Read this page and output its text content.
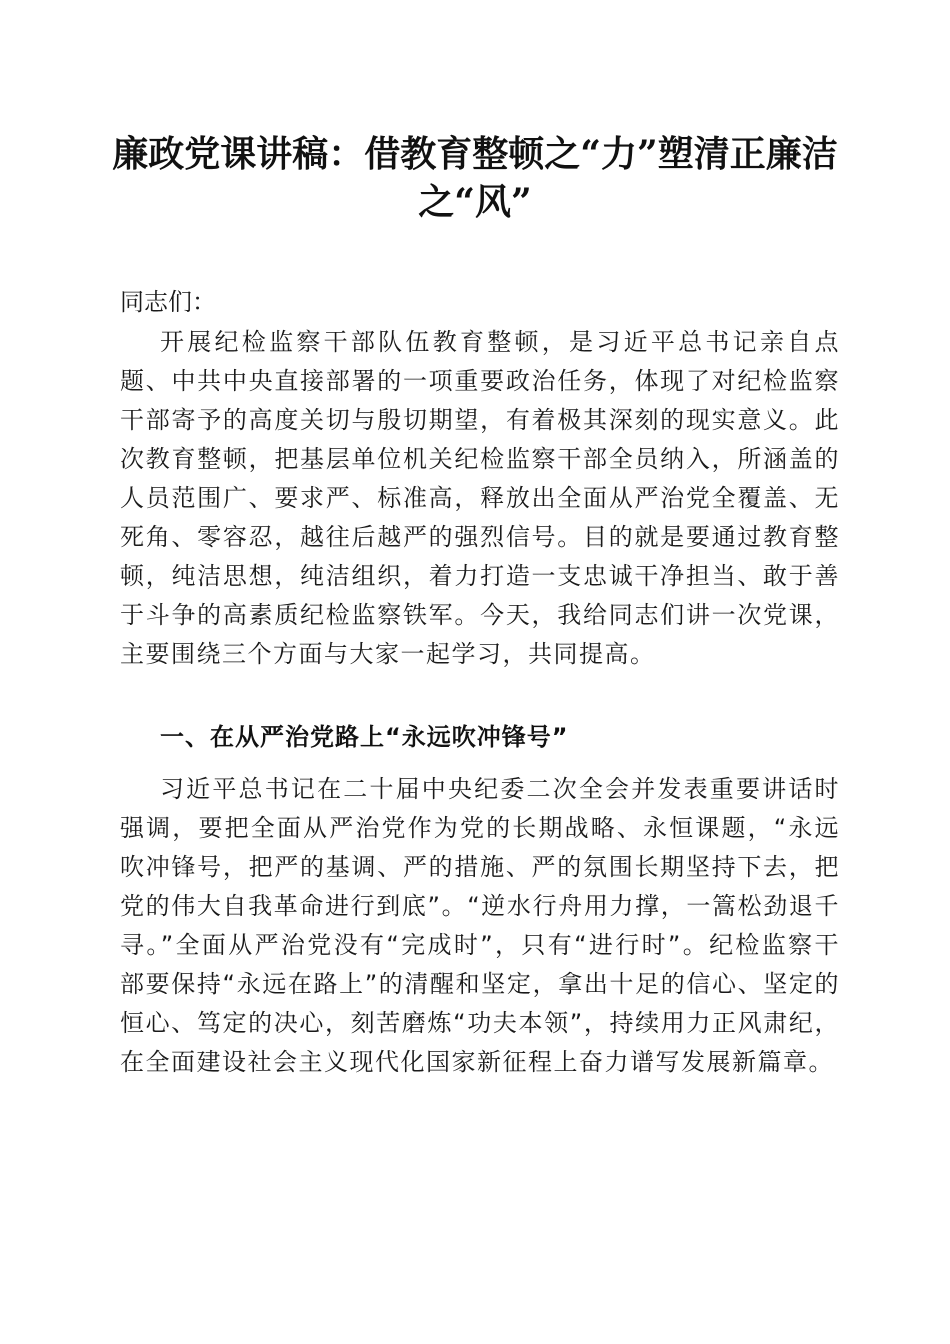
廉政党课讲稿：借教育整顿之“力”塑清正廉洁之“风”

同志们：

开展纪检监察干部队伍教育整顿，是习近平总书记亲自点题、中共中央直接部署的一项重要政治任务，体现了对纪检监察干部寄予的高度关切与殷切期望，有着极其深刻的现实意义。此次教育整顿，把基层单位机关纪检监察干部全员纳入，所涵盖的人员范围广、要求严、标准高，释放出全面从严治党全覆盖、无死角、零容忍，越往后越严的强烈信号。目的就是要通过教育整顿，纯洁思想，纯洁组织，着力打造一支忠诚干净担当、敢于善于斗争的高素质纪检监察铁军。今天，我给同志们讲一次党课，主要围绕三个方面与大家一起学习，共同提高。

一、在从严治党路上“永远吹冲锋号”

习近平总书记在二十届中央纪委二次全会并发表重要讲话时强调，要把全面从严治党作为党的长期战略、永恒课题，“永远吹冲锋号，把严的基调、严的措施、严的氛围长期坚持下去，把党的伟大自我革命进行到底”。“逆水行舟用力撑，一篙松劲退千寻。”全面从严治党没有“完成时”，只有“进行时”。纪检监察干部要保持“永远在路上”的清醒和坚定，拿出十足的信心、坚定的恒心、笃定的决心，刻苦磨炼“功夫本领”，持续用力正风肃纪，在全面建设社会主义现代化国家新征程上奋力谱写发展新篇章。
